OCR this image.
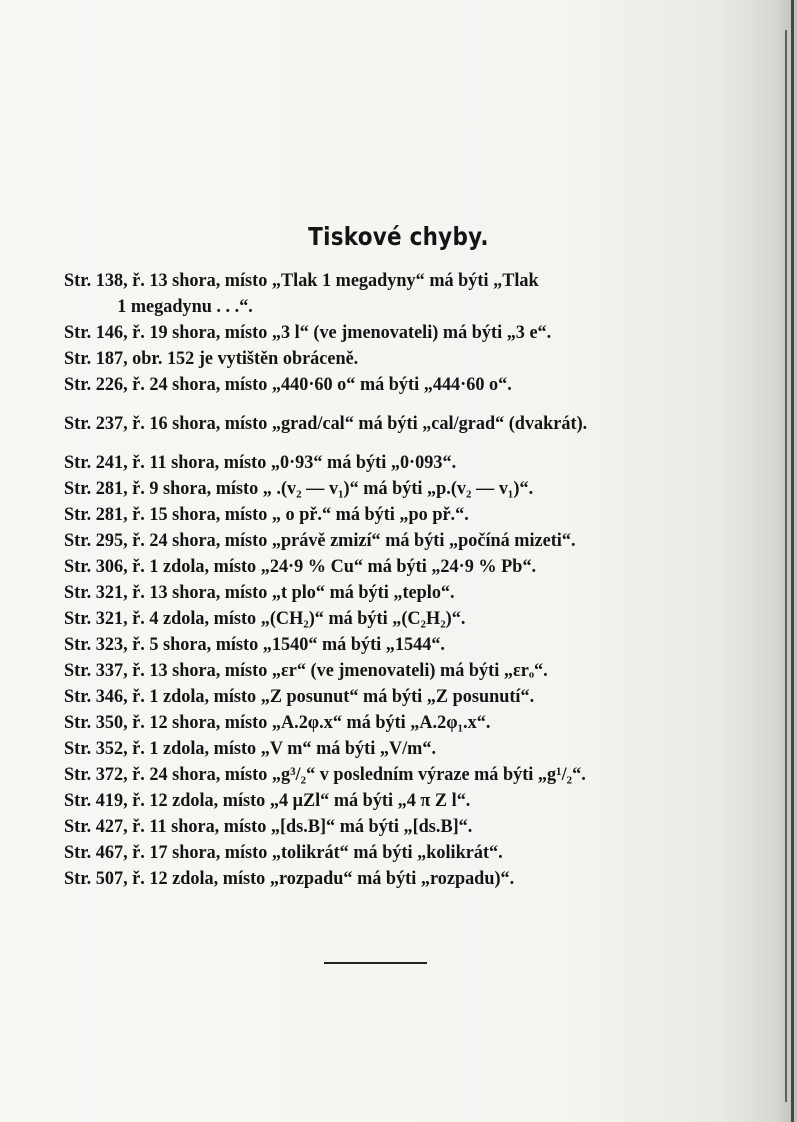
Tiskové chyby.
Str. 138, ř. 13 shora, místo „Tlak 1 megadyny“ má býti „Tlak
1 megadynu . . .“.
Str. 146, ř. 19 shora, místo „3 l“ (ve jmenovateli) má býti „3 e“.
Str. 187, obr. 152 je vytištěn obráceně.
Str. 226, ř. 24 shora, místo „440·60 o“ má býti „444·60 o“.
Str. 237, ř. 16 shora, místo „grad/cal“ má býti „cal/grad“ (dvakrát).
Str. 241, ř. 11 shora, místo „0·93“ má býti „0·093“.
Str. 281, ř. 9 shora, místo „ .(v₂ — v₁)“ má býti „p.(v₂ — v₁)“.
Str. 281, ř. 15 shora, místo „ o př.“ má býti „po př.“.
Str. 295, ř. 24 shora, místo „právě zmizí“ má býti „počíná mizeti“.
Str. 306, ř. 1 zdola, místo „24·9 % Cu“ má býti „24·9 % Pb“.
Str. 321, ř. 13 shora, místo „t plo“ má býti „teplo“.
Str. 321, ř. 4 zdola, místo „(CH₂)“ má býti „(C₂H₂)“.
Str. 323, ř. 5 shora, místo „1540“ má býti „1544“.
Str. 337, ř. 13 shora, místo „εr“ (ve jmenovateli) má býti „εrₒ“.
Str. 346, ř. 1 zdola, místo „Z posunut“ má býti „Z posunutí“.
Str. 350, ř. 12 shora, místo „A.2φ.x“ má býti „A.2φ₁.x“.
Str. 352, ř. 1 zdola, místo „V m“ má býti „V/m“.
Str. 372, ř. 24 shora, místo „g³/₂“ v posledním výraze má býti „g¹/₂“.
Str. 419, ř. 12 zdola, místo „4 μZl“ má býti „4 π Z l“.
Str. 427, ř. 11 shora, místo „[ds.B]“ má býti „[ds.B]“.
Str. 467, ř. 17 shora, místo „tolikrát“ má býti „kolikrát“.
Str. 507, ř. 12 zdola, místo „rozpadu“ má býti „rozpadu)“.
